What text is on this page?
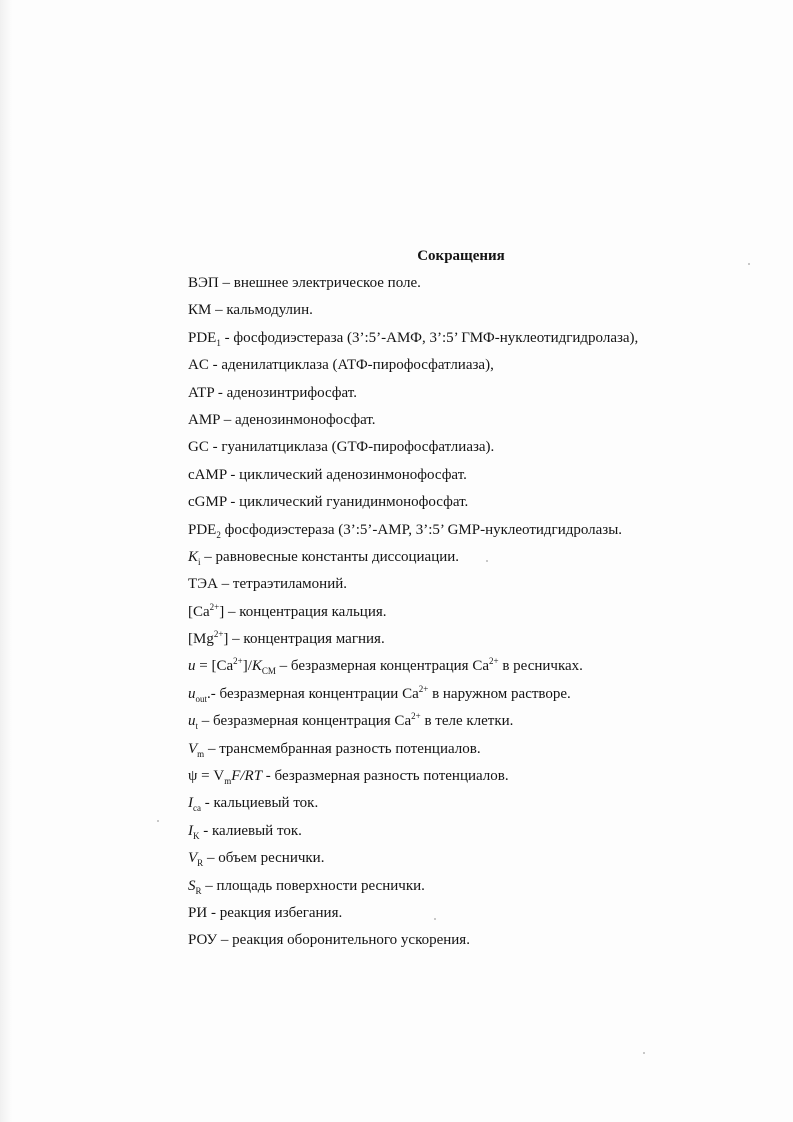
Сокращения
ВЭП – внешнее электрическое поле.
КМ – кальмодулин.
$PDE_1$ - фосфодиэстераза (3’:5’-АМФ, 3’:5’ ГМФ-нуклеотидгидролаза),
AC - аденилатциклаза (АТФ-пирофосфатлиаза),
ATP - аденозинтрифосфат.
AMP – аденозинмонофосфат.
GC - гуанилатциклаза (GТФ-пирофосфатлиаза).
cAMP - циклический аденозинмонофосфат.
cGMP - циклический гуанидинмонофосфат.
$PDE_2$ фосфодиэстераза (3’:5’-AMP, 3’:5’ GMP-нуклеотидгидролазы.
$K_i$ – равновесные константы диссоциации.
ТЭА – тетраэтиламоний.
$[Ca^{2+}]$ – концентрация кальция.
$[Mg^{2+}]$ – концентрация магния.
$u = [Ca^{2+}]/K_{CM}$ – безразмерная концентрация $Ca^{2+}$ в ресничках.
$u_{out}.-$ безразмерная концентрации $Ca^{2+}$ в наружном растворе.
$u_t$ – безразмерная концентрация $Ca^{2+}$ в теле клетки.
$V_m$ – трансмембранная разность потенциалов.
$\psi = V_mF/RT$ - безразмерная разность потенциалов.
$I_{ca}$ - кальциевый ток.
$I_K$ - калиевый ток.
$V_R$ – объем реснички.
$S_R$ – площадь поверхности реснички.
РИ - реакция избегания.
РОУ – реакция оборонительного ускорения.
